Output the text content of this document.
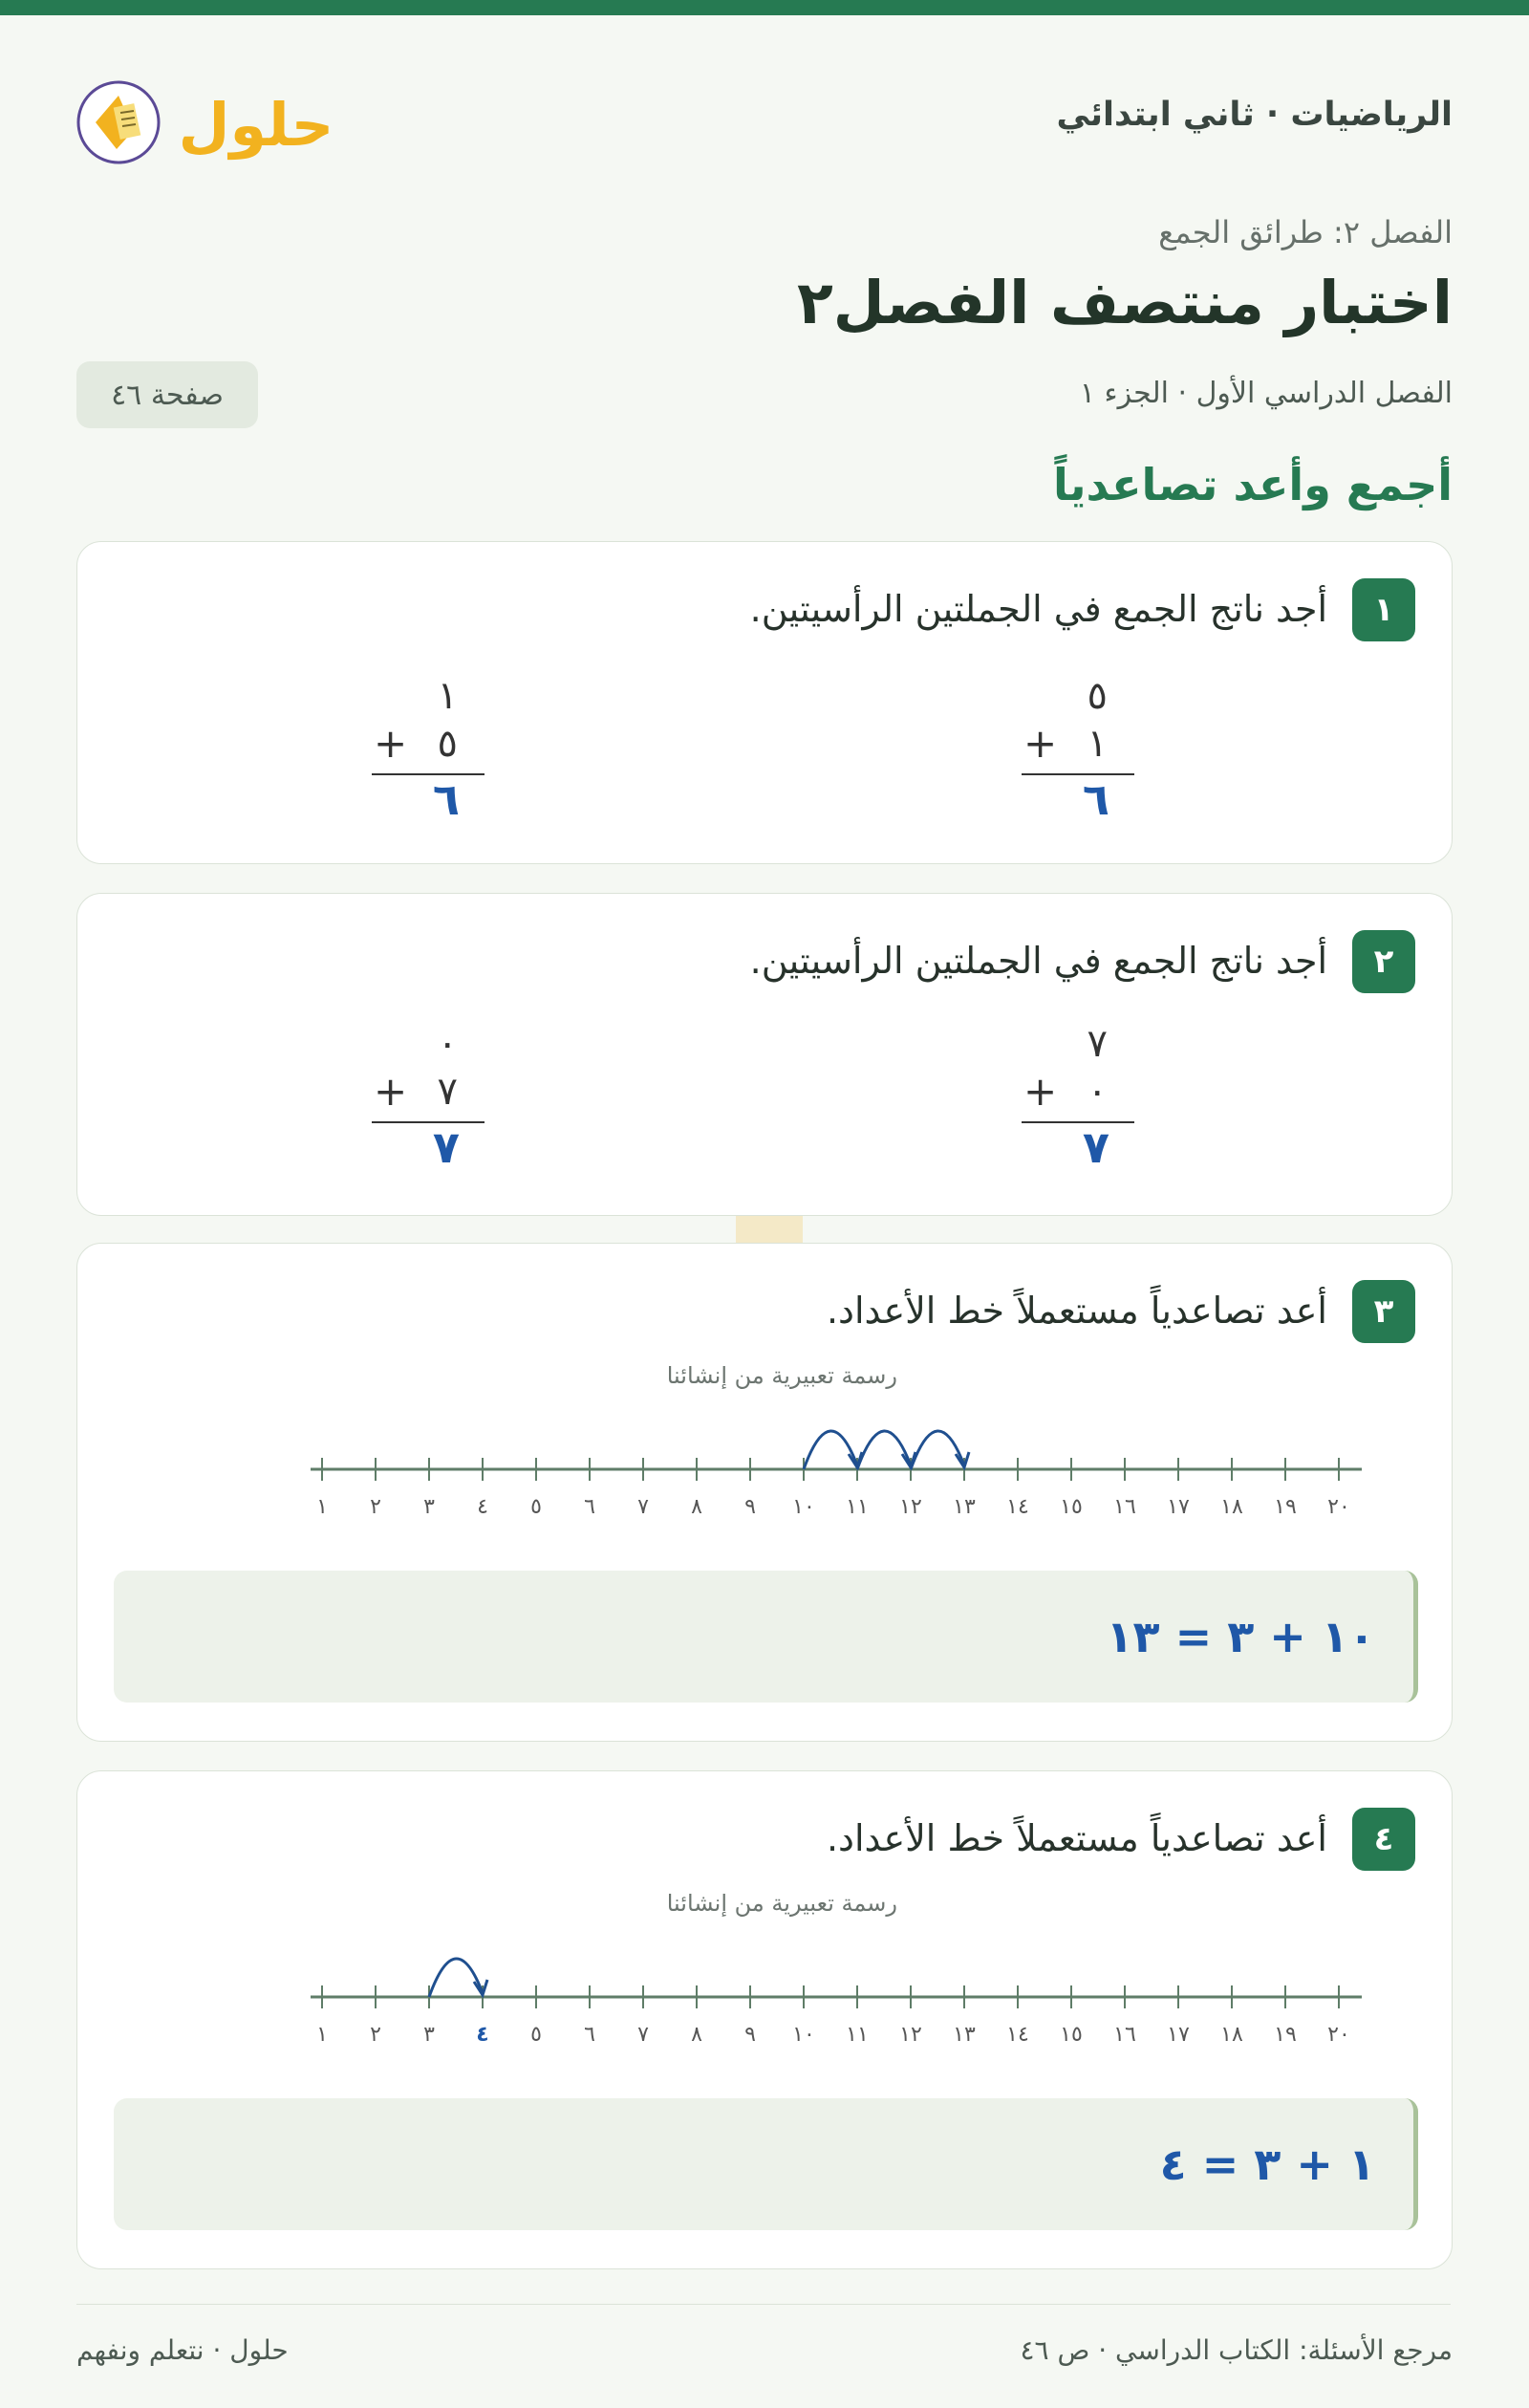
حلول	الرياضيات · ثاني ابتدائي
الفصل ٢: طرائق الجمع
اختبار منتصف الفصل٢
الفصل الدراسي الأول · الجزء ١
صفحة ٤٦
أجمع وأعد تصاعدياً
١
أجد ناتج الجمع في الجملتين الرأسيتين.
٥
+ ١
٦
١
+ ٥
٦
٢
أجد ناتج الجمع في الجملتين الرأسيتين.
٧
+ ٠
٧
٠
+ ٧
٧
٣
أعد تصاعدياً مستعملاً خط الأعداد.
رسمة تعبيرية من إنشائنا
١ ٢ ٣ ٤ ٥ ٦ ٧ ٨ ٩ ١٠ ١١ ١٢ ١٣ ١٤ ١٥ ١٦ ١٧ ١٨ ١٩ ٢٠
١٠ + ٣ = ١٣
٤
أعد تصاعدياً مستعملاً خط الأعداد.
رسمة تعبيرية من إنشائنا
١ ٢ ٣ ٤ ٥ ٦ ٧ ٨ ٩ ١٠ ١١ ١٢ ١٣ ١٤ ١٥ ١٦ ١٧ ١٨ ١٩ ٢٠
١ + ٣ = ٤
مرجع الأسئلة: الكتاب الدراسي · ص ٤٦
حلول · نتعلم ونفهم
